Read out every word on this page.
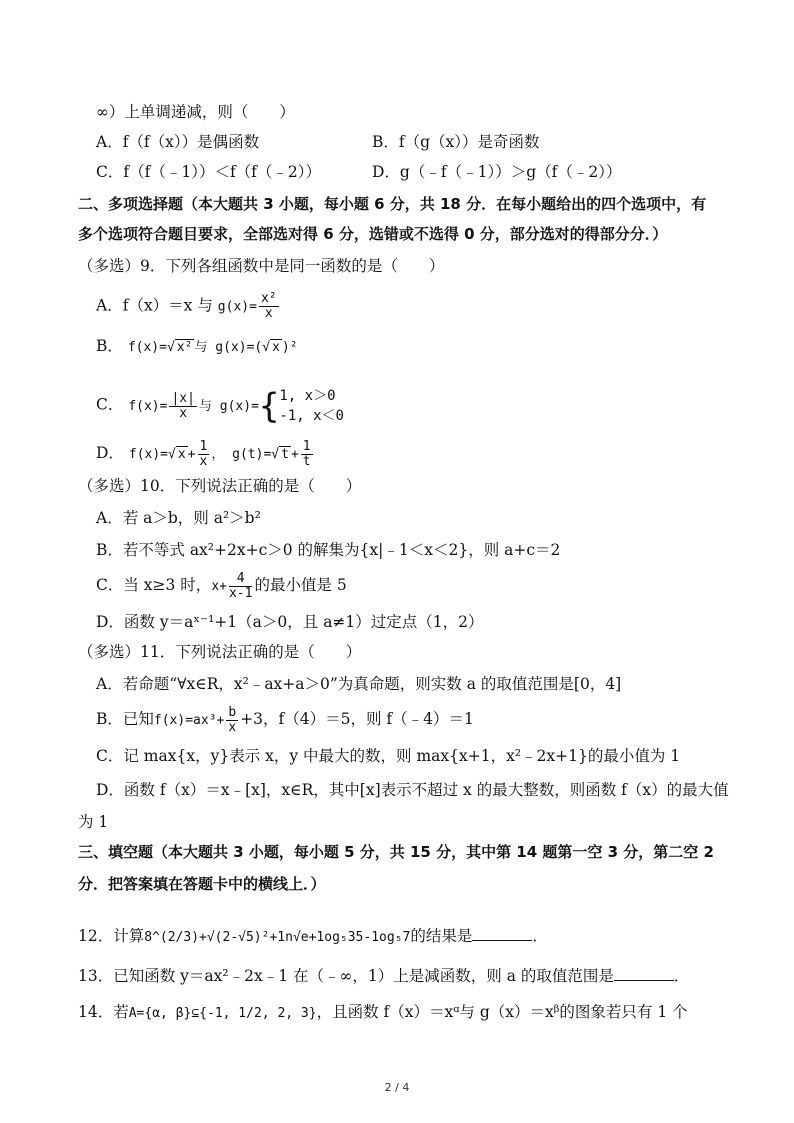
∞）上单调递减，则（　　）
A．f（f（x））是偶函数	B．f（g（x））是奇函数
C．f（f（﹣1））＜f（f（﹣2））	D．g（﹣f（﹣1））＞g（f（﹣2））
二、多项选择题（本大题共 3 小题，每小题 6 分，共 18 分．在每小题给出的四个选项中，有
多个选项符合题目要求，全部选对得 6 分，选错或不选得 0 分，部分选对的得部分分．）
（多选）9．下列各组函数中是同一函数的是（　　）
A．f（x）＝x 与 $g(x)= \frac{\text{x²}}{x}$
B． f(x)=√ x² 与 g(x)=(√ x )²
C． $f(x)= \frac{|x|}{x}$ 与 g(x)={ 1, x＞0
-1, x＜0
D． f(x)=√ $x + \frac{1}{x}$ ， g(t)=√ $t + \frac{1}{t}$
（多选）10．下列说法正确的是（　　）
A．若 a＞b，则 a²＞b²
B．若不等式 ax²+2x+c＞0 的解集为{x|﹣1＜x＜2}，则 a+c＝2
C．当 x≥3 时，$x+ \frac{4}{x-1}$ 的最小值是 5
D．函数 y＝aˣ⁻¹+1（a＞0，且 a≠1）过定点（1，2）
（多选）11．下列说法正确的是（　　）
A．若命题“∀x∈R，x²﹣ax+a＞0”为真命题，则实数 a 的取值范围是[0，4]
B．已知$f(x)=ax^3+ \frac{b}{x} +3$，f（4）＝5，则 f（﹣4）＝1
C．记 max{x，y}表示 x，y 中最大的数，则 max{x+1，x²﹣2x+1}的最小值为 1
D．函数 f（x）＝x﹣[x]，x∈R，其中[x]表示不超过 x 的最大整数，则函数 f（x）的最大值
为 1
三、填空题（本大题共 3 小题，每小题 5 分，共 15 分，其中第 14 题第一空 3 分，第二空 2
分．把答案填在答题卡中的横线上．）
12．计算8^(2/3)+√(2-√5)²+1n√e+1og₅35-1og₅7的结果是	．
13．已知函数 y＝ax²﹣2x﹣1 在（﹣∞，1）上是减函数，则 a 的取值范围是	．
14．若A={α, β}⊆{-1, 1/2, 2, 3}，且函数 f（x）＝xᵅ与 g（x）＝xᵝ的图象若只有 1 个
2 / 4
